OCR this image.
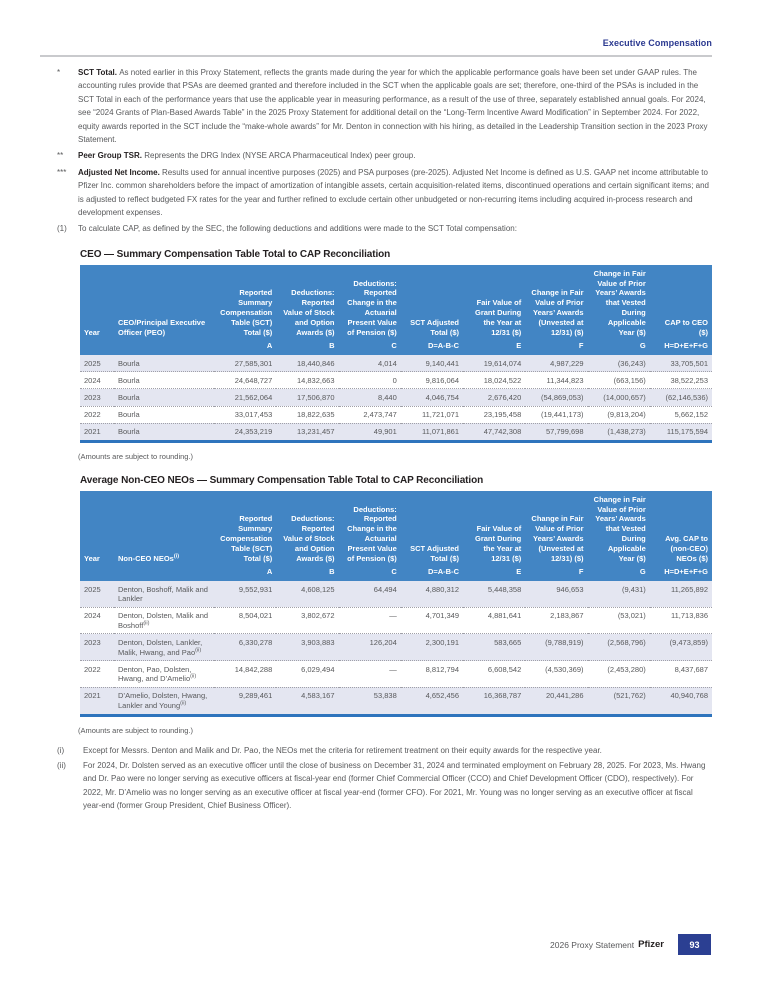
Executive Compensation
*	SCT Total. As noted earlier in this Proxy Statement, reflects the grants made during the year for which the applicable performance goals have been set under GAAP rules. The accounting rules provide that PSAs are deemed granted and therefore included in the SCT when the applicable goals are set; therefore, one-third of the PSAs is included in the SCT Total in each of the performance years that use the applicable year in measuring performance, as a result of the use of three, separately established annual goals. For 2024, see “2024 Grants of Plan-Based Awards Table” in the 2025 Proxy Statement for additional detail on the “Long-Term Incentive Award Modification” in September 2024. For 2022, equity awards reported in the SCT include the “make-whole awards” for Mr. Denton in connection with his hiring, as detailed in the Leadership Transition section in the 2023 Proxy Statement.
**	Peer Group TSR. Represents the DRG Index (NYSE ARCA Pharmaceutical Index) peer group.
***	Adjusted Net Income. Results used for annual incentive purposes (2025) and PSA purposes (pre-2025). Adjusted Net Income is defined as U.S. GAAP net income attributable to Pfizer Inc. common shareholders before the impact of amortization of intangible assets, certain acquisition-related items, discontinued operations and certain significant items; and is adjusted to reflect budgeted FX rates for the year and further refined to exclude certain other unbudgeted or non-recurring items including acquired in-process research and development expenses.
(1)	To calculate CAP, as defined by the SEC, the following deductions and additions were made to the SCT Total compensation:
CEO — Summary Compensation Table Total to CAP Reconciliation
Year	CEO/Principal Executive Officer (PEO)	Reported Summary Compensation Table (SCT) Total ($)	Deductions: Reported Value of Stock and Option Awards ($)	Deductions: Reported Change in the Actuarial Present Value of Pension ($)	SCT Adjusted Total ($)	Fair Value of Grant During the Year at 12/31 ($)	Change in Fair Value of Prior Years’ Awards (Unvested at 12/31) ($)	Change in Fair Value of Prior Years’ Awards that Vested During Applicable Year ($)	CAP to CEO ($)
		A	B	C	D=A-B-C	E	F	G	H=D+E+F+G
2025	Bourla	27,585,301	18,440,846	4,014	9,140,441	19,614,074	4,987,229	(36,243)	33,705,501
2024	Bourla	24,648,727	14,832,663	0	9,816,064	18,024,522	11,344,823	(663,156)	38,522,253
2023	Bourla	21,562,064	17,506,870	8,440	4,046,754	2,676,420	(54,869,053)	(14,000,657)	(62,146,536)
2022	Bourla	33,017,453	18,822,635	2,473,747	11,721,071	23,195,458	(19,441,173)	(9,813,204)	5,662,152
2021	Bourla	24,353,219	13,231,457	49,901	11,071,861	47,742,308	57,799,698	(1,438,273)	115,175,594
(Amounts are subject to rounding.)
Average Non-CEO NEOs — Summary Compensation Table Total to CAP Reconciliation
Year	Non-CEO NEOs$^{(i)}$	Reported Summary Compensation Table (SCT) Total ($)	Deductions: Reported Value of Stock and Option Awards ($)	Deductions: Reported Change in the Actuarial Present Value of Pension ($)	SCT Adjusted Total ($)	Fair Value of Grant During the Year at 12/31 ($)	Change in Fair Value of Prior Years’ Awards (Unvested at 12/31) ($)	Change in Fair Value of Prior Years’ Awards that Vested During Applicable Year ($)	Avg. CAP to (non-CEO) NEOs ($)
		A	B	C	D=A-B-C	E	F	G	H=D+E+F+G
2025	Denton, Boshoff, Malik and Lankler	9,552,931	4,608,125	64,494	4,880,312	5,448,358	946,653	(9,431)	11,265,892
2024	Denton, Dolsten, Malik and Boshoff$^{(ii)}$	8,504,021	3,802,672	—	4,701,349	4,881,641	2,183,867	(53,021)	11,713,836
2023	Denton, Dolsten, Lankler, Malik, Hwang, and Pao$^{(ii)}$	6,330,278	3,903,883	126,204	2,300,191	583,665	(9,788,919)	(2,568,796)	(9,473,859)
2022	Denton, Pao, Dolsten, Hwang, and D’Amelio$^{(ii)}$	14,842,288	6,029,494	—	8,812,794	6,608,542	(4,530,369)	(2,453,280)	8,437,687
2021	D’Amelio, Dolsten, Hwang, Lankler and Young$^{(ii)}$	9,289,461	4,583,167	53,838	4,652,456	16,368,787	20,441,286	(521,762)	40,940,768
(Amounts are subject to rounding.)
(i)	Except for Messrs. Denton and Malik and Dr. Pao, the NEOs met the criteria for retirement treatment on their equity awards for the respective year.
(ii)	For 2024, Dr. Dolsten served as an executive officer until the close of business on December 31, 2024 and terminated employment on February 28, 2025. For 2023, Ms. Hwang and Dr. Pao were no longer serving as executive officers at fiscal-year end (former Chief Commercial Officer (CCO) and Chief Development Officer (CDO), respectively). For 2022, Mr. D’Amelio was no longer serving as an executive officer at fiscal year-end (former CFO). For 2021, Mr. Young was no longer serving as an executive officer at fiscal year-end (former Group President, Chief Business Officer).
2026 Proxy Statement Pfizer	93
